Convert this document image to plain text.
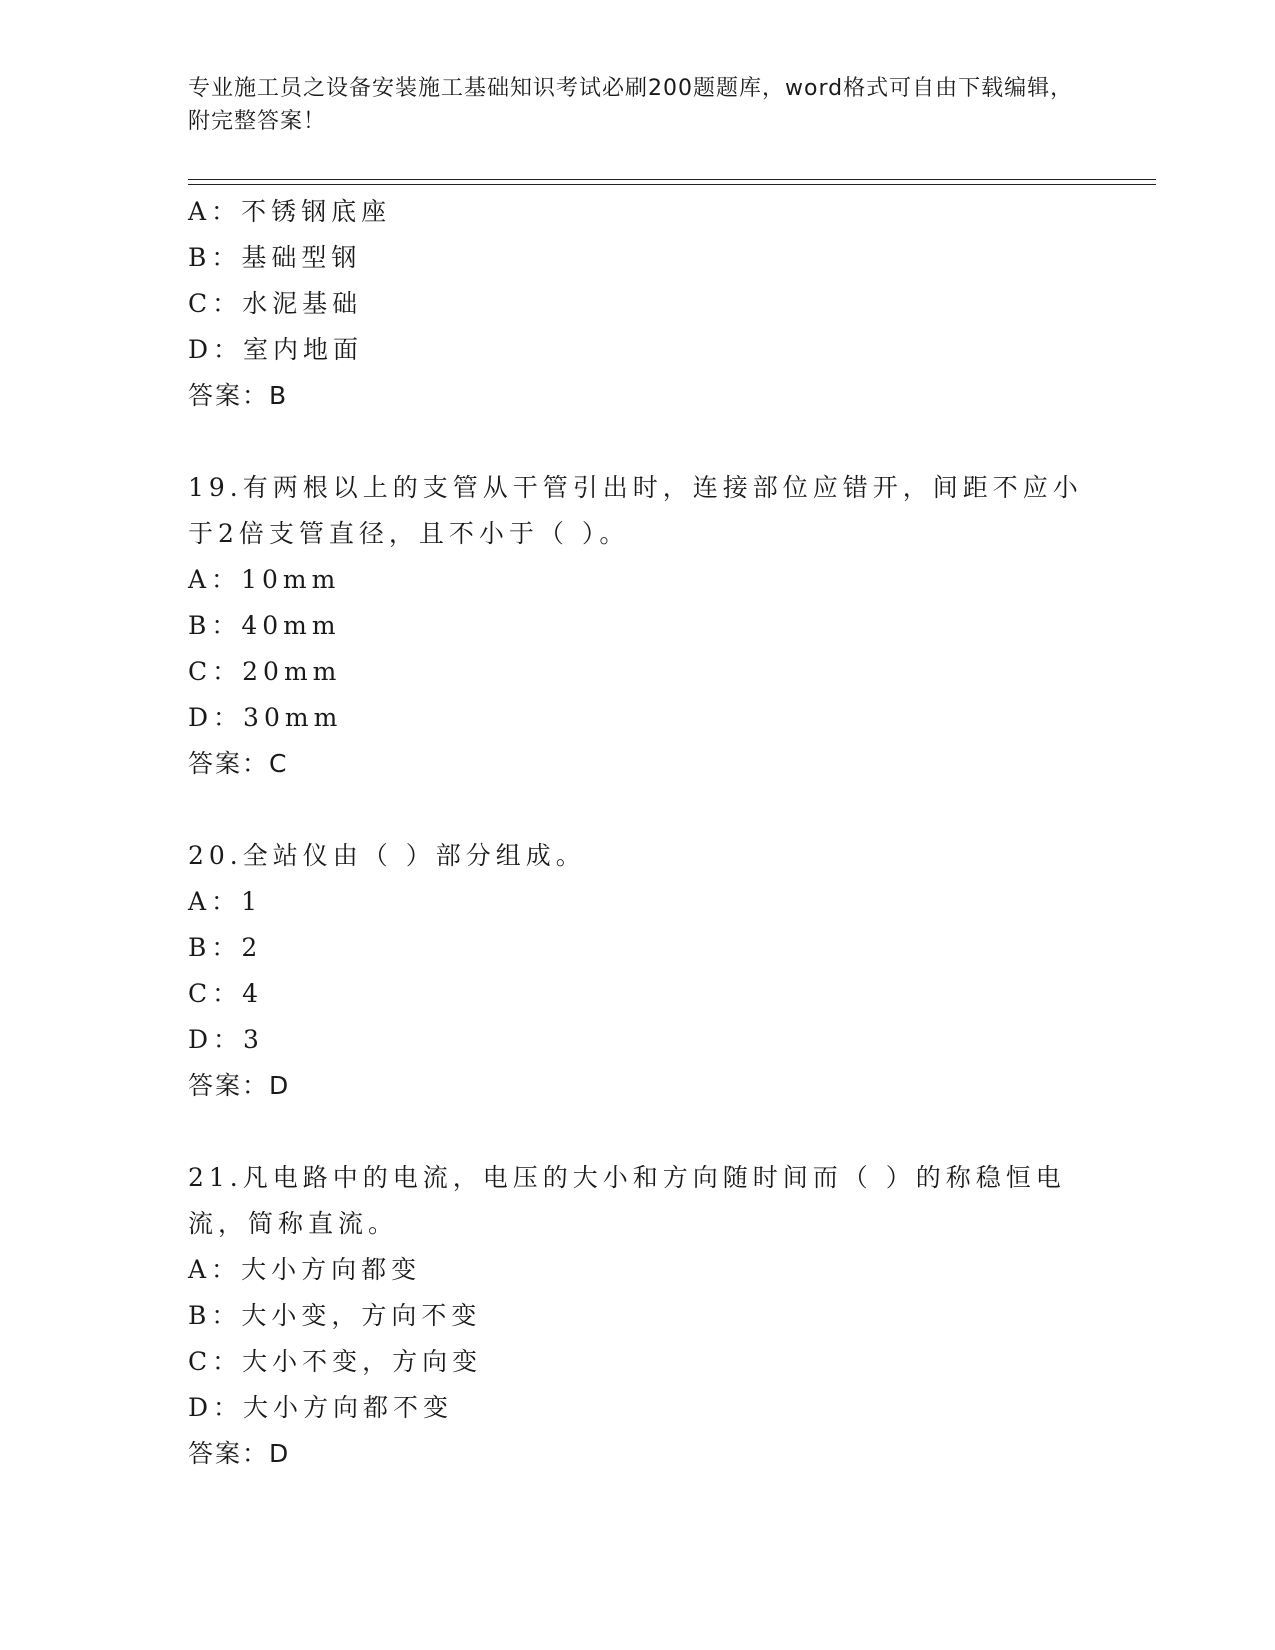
专业施工员之设备安装施工基础知识考试必刷200题题库，word格式可自由下载编辑，附完整答案！
A：不锈钢底座
B：基础型钢
C：水泥基础
D：室内地面
答案：B
19.有两根以上的支管从干管引出时，连接部位应错开，间距不应小于2倍支管直径，且不小于（ ）。
A：10mm
B：40mm
C：20mm
D：30mm
答案：C
20.全站仪由（ ）部分组成。
A：1
B：2
C：4
D：3
答案：D
21.凡电路中的电流，电压的大小和方向随时间而（ ）的称稳恒电流，简称直流。
A：大小方向都变
B：大小变，方向不变
C：大小不变，方向变
D：大小方向都不变
答案：D
